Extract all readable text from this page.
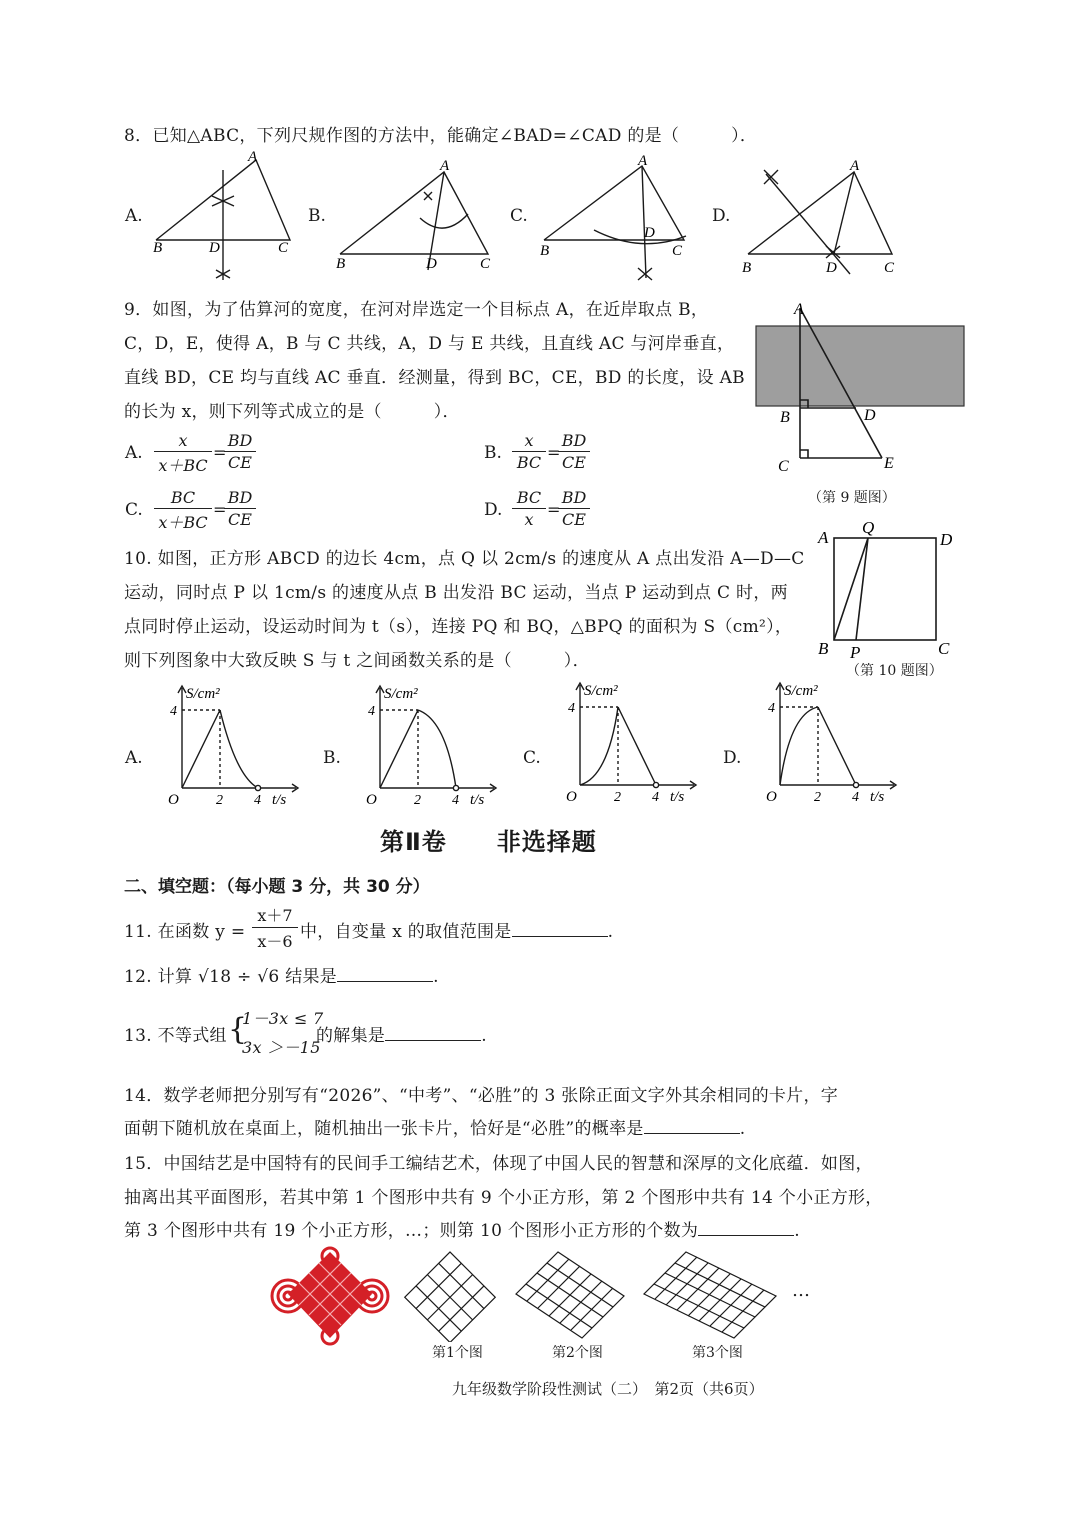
8．已知△ABC，下列尺规作图的方法中，能确定∠BAD=∠CAD 的是（　　　）．
A.
A
B	D	C
B.
A
B	D	C
C.
A
B
D
C
D.
A
B	D	C
9．如图，为了估算河的宽度，在河对岸选定一个目标点 A，在近岸取点 B，
C，D，E，使得 A，B 与 C 共线，A，D 与 E 共线，且直线 AC 与河岸垂直，
直线 BD，CE 均与直线 AC 垂直．经测量，得到 BC，CE，BD 的长度，设 AB
的长为 x，则下列等式成立的是（　　　）．
A. $\frac{x}{x+BC}$ =
$\frac{BD}{CE}$	B. $\frac{x}{BC}$ =
$\frac{BD}{CE}$
C. $\frac{BC}{x+BC}$ =
$\frac{BD}{CE}$	D. $\frac{BC}{x}$ =
$\frac{BD}{CE}$
A
B	D
C	E
（第 9 题图）
10. 如图，正方形 ABCD 的边长 4cm，点 Q 以 2cm/s 的速度从 A 点出发沿 A—D—C
运动，同时点 P 以 1cm/s 的速度从点 B 出发沿 BC 运动，当点 P 运动到点 C 时，两
点同时停止运动，设运动时间为 t（s），连接 PQ 和 BQ，△BPQ 的面积为 S（cm²），
则下列图象中大致反映 S 与 t 之间函数关系的是（　　　）．
A
Q
D
B P	C
（第 10 题图）
A.
S/cm²
4
O	2 4 t/s
B.
S/cm²
4
O	2 4 t/s
C.
S/cm²
4
O	2 4 t/s
D.
S/cm²
4
O	2 4 t/s
第Ⅱ卷　　非选择题
二、填空题：（每小题 3 分，共 30 分）
11. 在函数 $y = \frac{x+7}{x-6}$ 中，自变量 x 的取值范围是	.
12. 计算 √18 ÷ √6 结果是	.
13. 不等式组 {
1－3x ≤ 7
3x ＞－15
的解集是	.
14．数学老师把分别写有“2026”、“中考”、“必胜”的 3 张除正面文字外其余相同的卡片，字
面朝下随机放在桌面上，随机抽出一张卡片，恰好是“必胜”的概率是	.
15．中国结艺是中国特有的民间手工编结艺术，体现了中国人民的智慧和深厚的文化底蕴．如图，
抽离出其平面图形，若其中第 1 个图形中共有 9 个小正方形，第 2 个图形中共有 14 个小正方形，
第 3 个图形中共有 19 个小正方形，…；则第 10 个图形小正方形的个数为	.
第1个图	第2个图	第3个图
…
九年级数学阶段性测试（二）　第2页（共6页）
